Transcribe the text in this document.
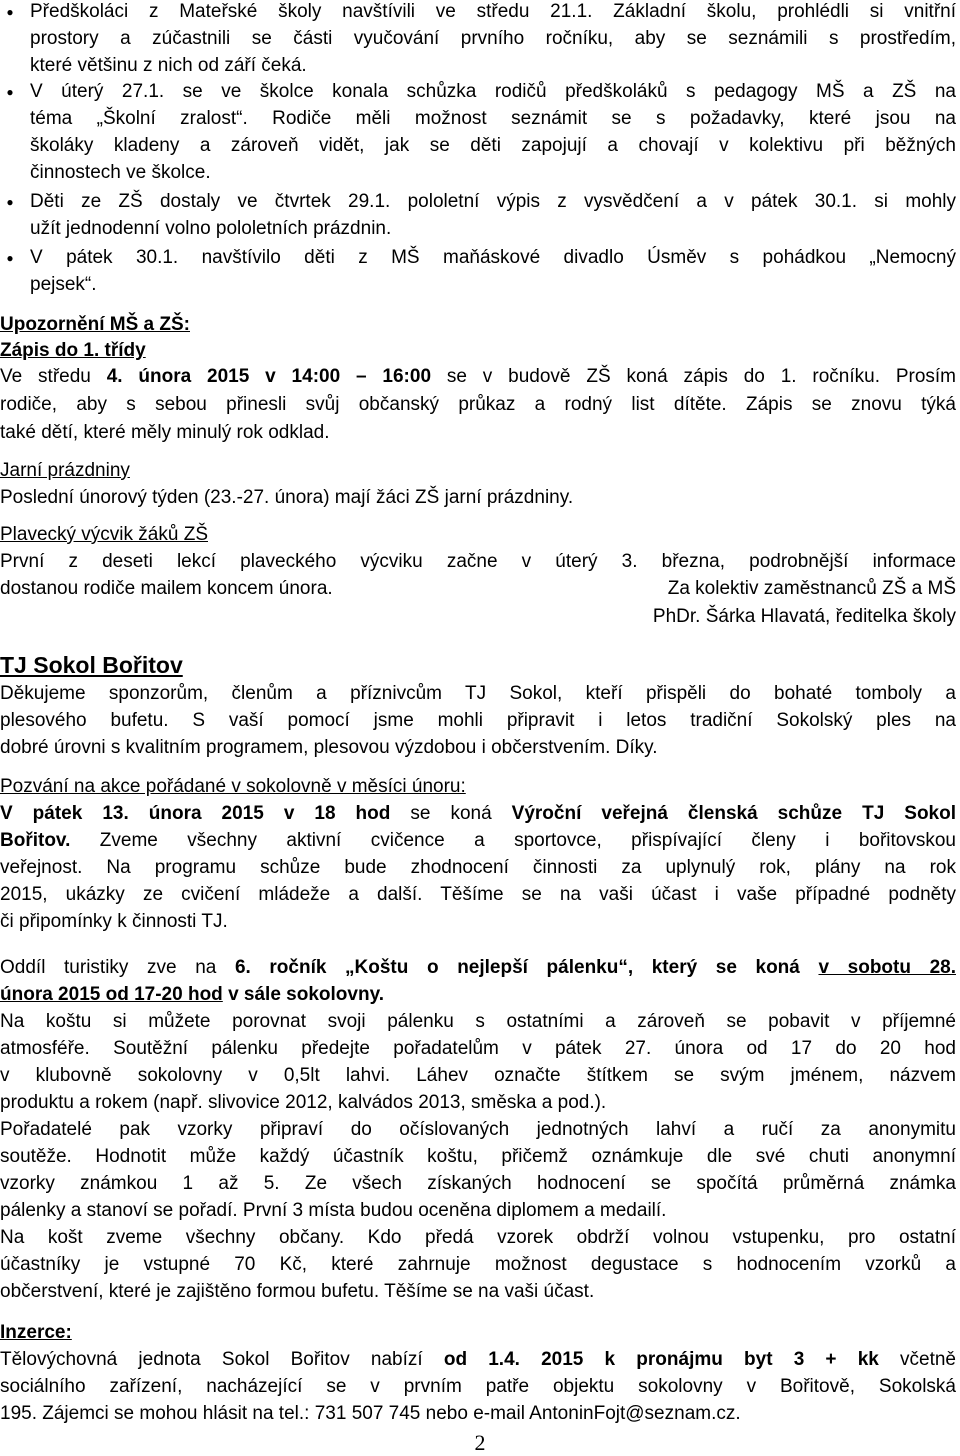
● Předškoláci z Mateřské školy navštívili ve středu 21.1. Základní školu, prohlédli si vnitřní
prostory a zúčastnili se části vyučování prvního ročníku, aby se seznámili s prostředím,
které většinu z nich od září čeká.
● V úterý 27.1. se ve školce konala schůzka rodičů předškoláků s pedagogy MŠ a ZŠ na
téma „Školní zralost“. Rodiče měli možnost seznámit se s požadavky, které jsou na
školáky kladeny a zároveň vidět, jak se děti zapojují a chovají v kolektivu při běžných
činnostech ve školce.
● Děti ze ZŠ dostaly ve čtvrtek 29.1. pololetní výpis z vysvědčení a v pátek 30.1. si mohly
užít jednodenní volno pololetních prázdnin.
● V pátek 30.1. navštívilo děti z MŠ maňáskové divadlo Úsměv s pohádkou „Nemocný
pejsek“.
Upozornění MŠ a ZŠ:
Zápis do 1. třídy
Ve středu 4. února 2015 v 14:00 – 16:00 se v budově ZŠ koná zápis do 1. ročníku. Prosím
rodiče, aby s sebou přinesli svůj občanský průkaz a rodný list dítěte. Zápis se znovu týká
také dětí, které měly minulý rok odklad.
Jarní prázdniny
Poslední únorový týden (23.-27. února) mají žáci ZŠ jarní prázdniny.
Plavecký výcvik žáků ZŠ
První z deseti lekcí plaveckého výcviku začne v úterý 3. března, podrobnější informace
dostanou rodiče mailem koncem února.	Za kolektiv zaměstnanců ZŠ a MŠ
PhDr. Šárka Hlavatá, ředitelka školy
TJ Sokol Bořitov
Děkujeme sponzorům, členům a příznivcům TJ Sokol, kteří přispěli do bohaté tomboly a
plesového bufetu. S vaší pomocí jsme mohli připravit i letos tradiční Sokolský ples na
dobré úrovni s kvalitním programem, plesovou výzdobou i občerstvením. Díky.
Pozvání na akce pořádané v sokolovně v měsíci únoru:
V pátek 13. února 2015 v 18 hod se koná Výroční veřejná členská schůze TJ Sokol
Bořitov. Zveme všechny aktivní cvičence a sportovce, přispívající členy i bořitovskou
veřejnost. Na programu schůze bude zhodnocení činnosti za uplynulý rok, plány na rok
2015, ukázky ze cvičení mládeže a další. Těšíme se na vaši účast i vaše případné podněty
či připomínky k činnosti TJ.
Oddíl turistiky zve na 6. ročník „Koštu o nejlepší pálenku“, který se koná v sobotu 28.
února 2015 od 17-20 hod v sále sokolovny.
Na koštu si můžete porovnat svoji pálenku s ostatními a zároveň se pobavit v příjemné
atmosféře. Soutěžní pálenku předejte pořadatelům v pátek 27. února od 17 do 20 hod
v klubovně sokolovny v 0,5lt lahvi. Láhev označte štítkem se svým jménem, názvem
produktu a rokem (např. slivovice 2012, kalvádos 2013, směska a pod.).
Pořadatelé pak vzorky připraví do očíslovaných jednotných lahví a ručí za anonymitu
soutěže. Hodnotit může každý účastník koštu, přičemž oznámkuje dle své chuti anonymní
vzorky známkou 1 až 5. Ze všech získaných hodnocení se spočítá průměrná známka
pálenky a stanoví se pořadí. První 3 místa budou oceněna diplomem a medailí.
Na košt zveme všechny občany. Kdo předá vzorek obdrží volnou vstupenku, pro ostatní
účastníky je vstupné 70 Kč, které zahrnuje možnost degustace s hodnocením vzorků a
občerstvení, které je zajištěno formou bufetu. Těšíme se na vaši účast.
Inzerce:
Tělovýchovná jednota Sokol Bořitov nabízí od 1.4. 2015 k pronájmu byt 3 + kk včetně
sociálního zařízení, nacházející se v prvním patře objektu sokolovny v Bořitově, Sokolská
195. Zájemci se mohou hlásit na tel.: 731 507 745 nebo e-mail AntoninFojt@seznam.cz.
2
